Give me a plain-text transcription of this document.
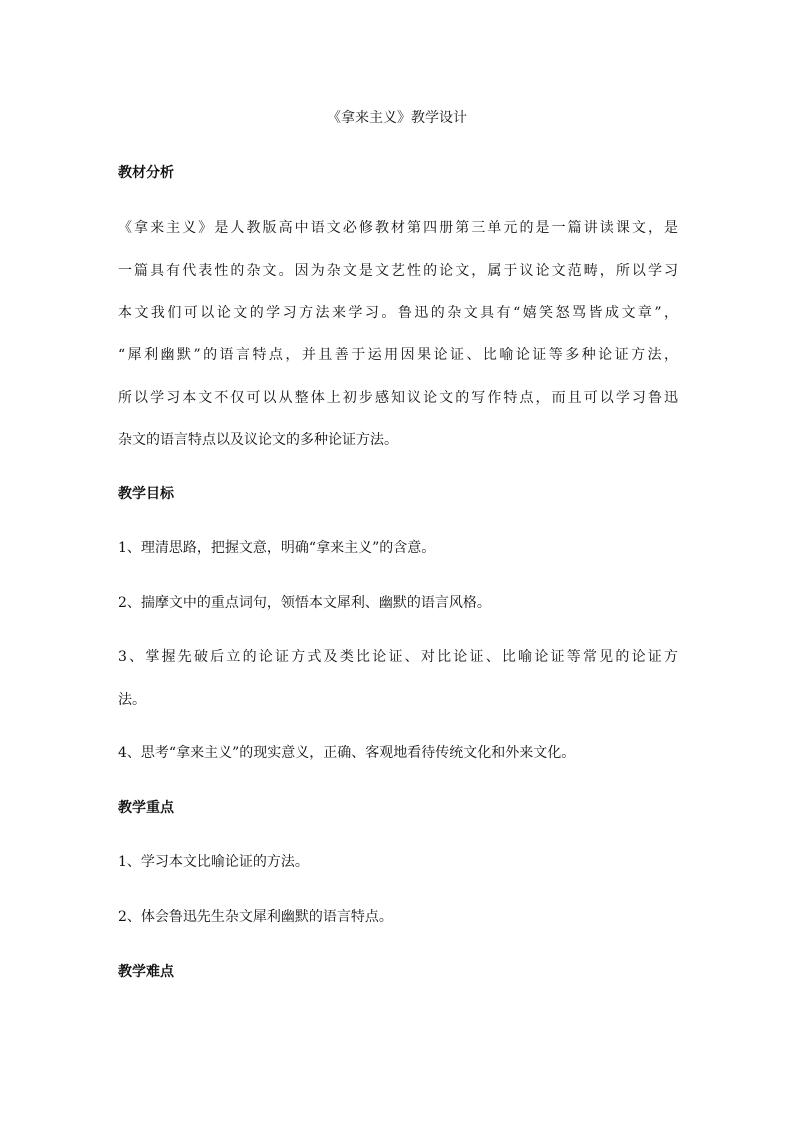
《拿来主义》教学设计
教材分析
《拿来主义》是人教版高中语文必修教材第四册第三单元的是一篇讲读课文，是
一篇具有代表性的杂文。因为杂文是文艺性的论文，属于议论文范畴，所以学习
本文我们可以论文的学习方法来学习。鲁迅的杂文具有“嬉笑怒骂皆成文章”，
“犀利幽默”的语言特点，并且善于运用因果论证、比喻论证等多种论证方法，
所以学习本文不仅可以从整体上初步感知议论文的写作特点，而且可以学习鲁迅
杂文的语言特点以及议论文的多种论证方法。
教学目标
1、理清思路，把握文意，明确“拿来主义”的含意。
2、揣摩文中的重点词句，领悟本文犀利、幽默的语言风格。
3、掌握先破后立的论证方式及类比论证、对比论证、比喻论证等常见的论证方
法。
4、思考“拿来主义”的现实意义，正确、客观地看待传统文化和外来文化。
教学重点
1、学习本文比喻论证的方法。
2、体会鲁迅先生杂文犀利幽默的语言特点。
教学难点
